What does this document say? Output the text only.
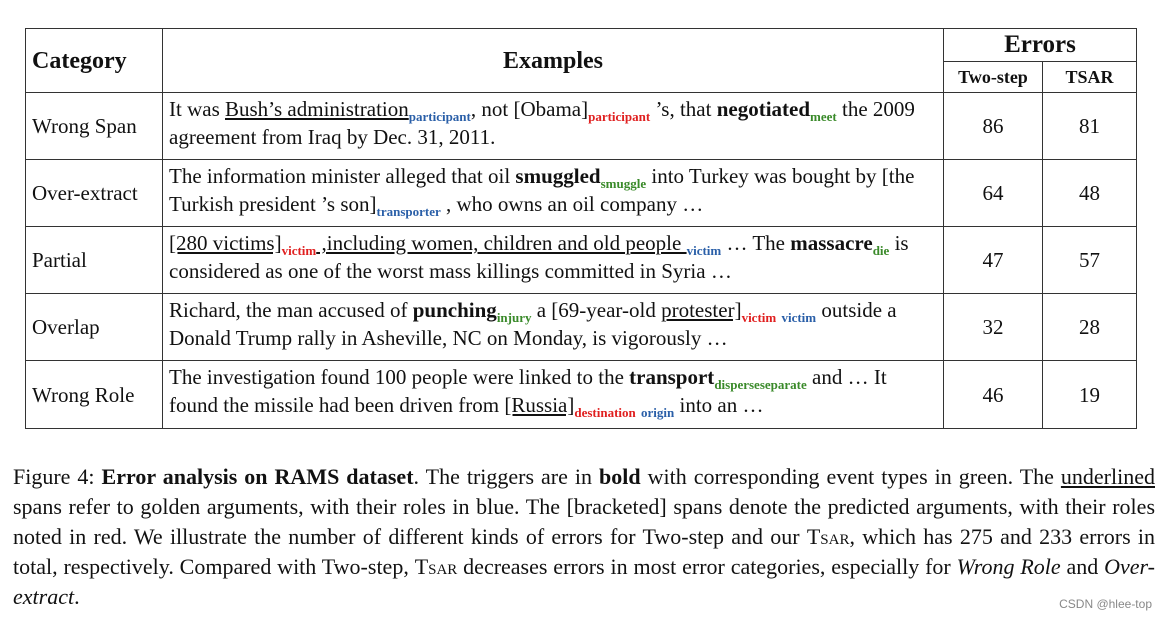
Category	Examples	Errors	
		Two-step	TSAR
Wrong Span	It was Bush’s administration$_{participant}$, not $[Obama]_{participant}$ ’s, that negotiated$_{meet}$ the 2009 agreement from Iraq by Dec. 31, 2011.	86	81
Over-extract	The information minister alleged that oil smuggled$_{smuggle}$ into Turkey was bought by [the Turkish president ’s $son]_{transporter}$ , who owns an oil company …	64	48
Partial	[280 $victims]_{victim}$ ,including women, children and old people $_{victim}$ … The massacre$_{die}$ is considered as one of the worst mass killings committed in Syria …	47	57
Overlap	Richard, the man accused of punching$_{injury}$ a [69-year-old $protester]_{victim}$ $_{victim}$ outside a Donald Trump rally in Asheville, NC on Monday, is vigorously …	32	28
Wrong Role	The investigation found 100 people were linked to the transport$_{disperseseparate}$ and … It found the missile had been driven from $[Russia]_{destination}$ $_{origin}$ into an …	46	19
Figure 4: Error analysis on RAMS dataset. The triggers are in bold with corresponding event types in green. The underlined spans refer to golden arguments, with their roles in blue. The [bracketed] spans denote the predicted arguments, with their roles noted in red. We illustrate the number of different kinds of errors for Two-step and our Tsar, which has 275 and 233 errors in total, respectively. Compared with Two-step, Tsar decreases errors in most error categories, especially for Wrong Role and Over-extract.	CSDN @hlee-top
